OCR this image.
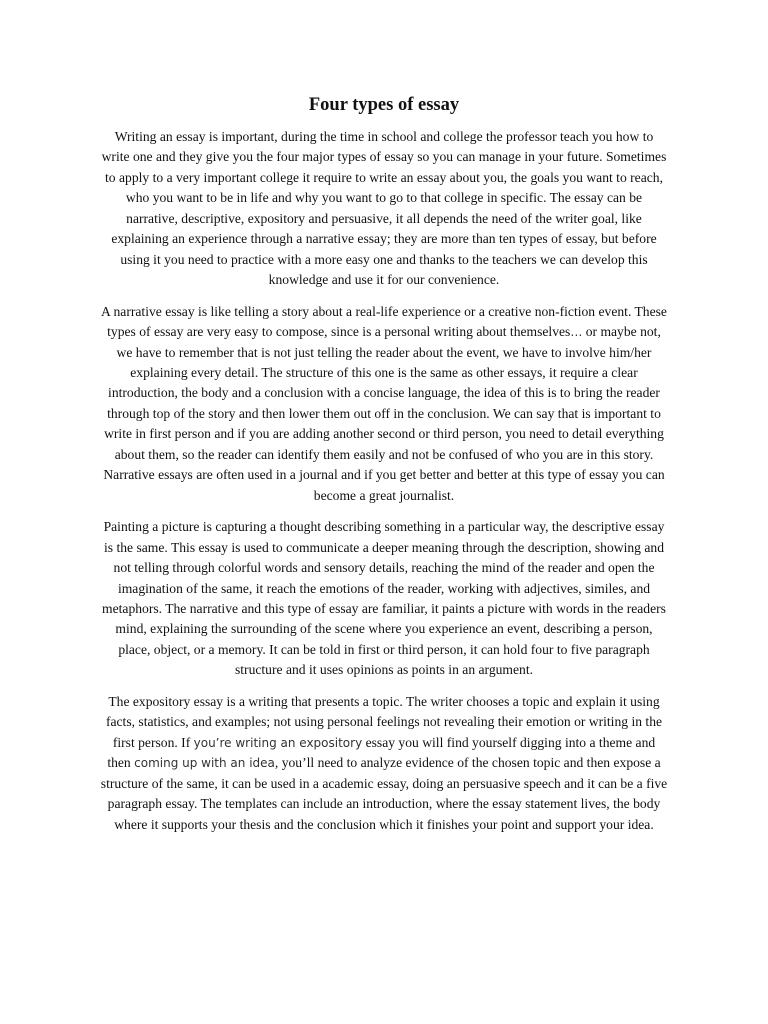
Four types of essay

Writing an essay is important, during the time in school and college the professor teach you how to write one and they give you the four major types of essay so you can manage in your future. Sometimes to apply to a very important college it require to write an essay about you, the goals you want to reach, who you want to be in life and why you want to go to that college in specific. The essay can be narrative, descriptive, expository and persuasive, it all depends the need of the writer goal, like explaining an experience through a narrative essay; they are more than ten types of essay, but before using it you need to practice with a more easy one and thanks to the teachers we can develop this knowledge and use it for our convenience.

A narrative essay is like telling a story about a real-life experience or a creative non-fiction event. These types of essay are very easy to compose, since is a personal writing about themselves… or maybe not, we have to remember that is not just telling the reader about the event, we have to involve him/her explaining every detail. The structure of this one is the same as other essays, it require a clear introduction, the body and a conclusion with a concise language, the idea of this is to bring the reader through top of the story and then lower them out off in the conclusion. We can say that is important to write in first person and if you are adding another second or third person, you need to detail everything about them, so the reader can identify them easily and not be confused of who you are in this story. Narrative essays are often used in a journal and if you get better and better at this type of essay you can become a great journalist.

Painting a picture is capturing a thought describing something in a particular way, the descriptive essay is the same. This essay is used to communicate a deeper meaning through the description, showing and not telling through colorful words and sensory details, reaching the mind of the reader and open the imagination of the same, it reach the emotions of the reader, working with adjectives, similes, and metaphors. The narrative and this type of essay are familiar, it paints a picture with words in the readers mind, explaining the surrounding of the scene where you experience an event, describing a person, place, object, or a memory. It can be told in first or third person, it can hold four to five paragraph structure and it uses opinions as points in an argument.

The expository essay is a writing that presents a topic. The writer chooses a topic and explain it using facts, statistics, and examples; not using personal feelings not revealing their emotion or writing in the first person. If you’re writing an expository essay you will find yourself digging into a theme and then coming up with an idea, you’ll need to analyze evidence of the chosen topic and then expose a structure of the same, it can be used in a academic essay, doing an persuasive speech and it can be a five paragraph essay. The templates can include an introduction, where the essay statement lives, the body where it supports your thesis and the conclusion which it finishes your point and support your idea.
